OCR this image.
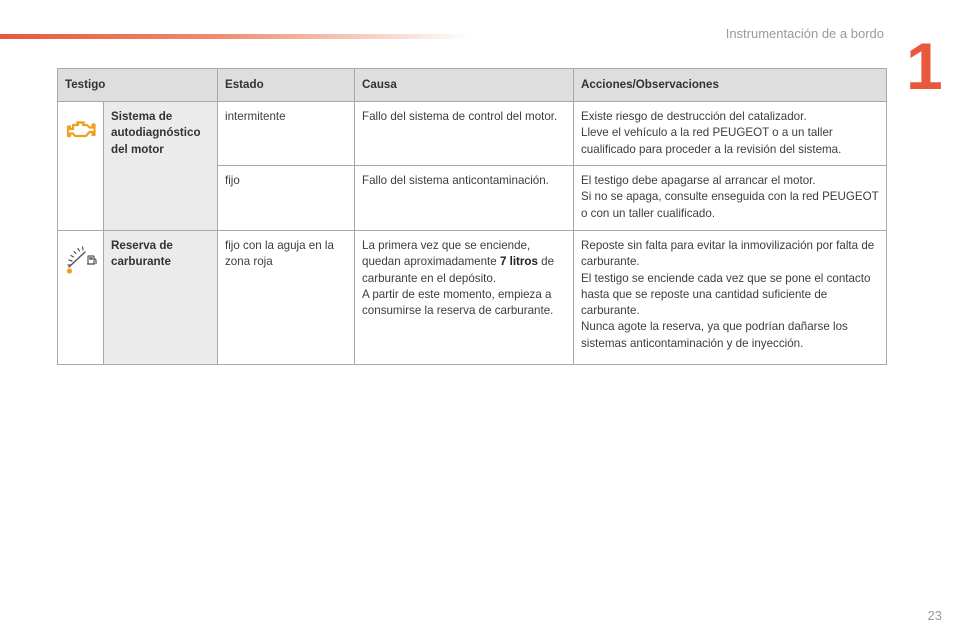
Instrumentación de a bordo 1
Testigo		Estado	Causa	Acciones/Observaciones

	Sistema de autodiagnóstico del motor	intermitente	Fallo del sistema de control del motor.	Existe riesgo de destrucción del catalizador.
Lleve el vehículo a la red PEUGEOT o a un taller cualificado para proceder a la revisión del sistema.

		fijo	Fallo del sistema anticontaminación.	El testigo debe apagarse al arrancar el motor.
Si no se apaga, consulte enseguida con la red PEUGEOT o con un taller cualificado.

	Reserva de carburante	fijo con la aguja en la zona roja	La primera vez que se enciende, quedan aproximadamente 7 litros de carburante en el depósito.
A partir de este momento, empieza a consumirse la reserva de carburante.	Reposte sin falta para evitar la inmovilización por falta de carburante.
El testigo se enciende cada vez que se pone el contacto hasta que se reposte una cantidad suficiente de carburante.
Nunca agote la reserva, ya que podrían dañarse los sistemas anticontaminación y de inyección.
23
